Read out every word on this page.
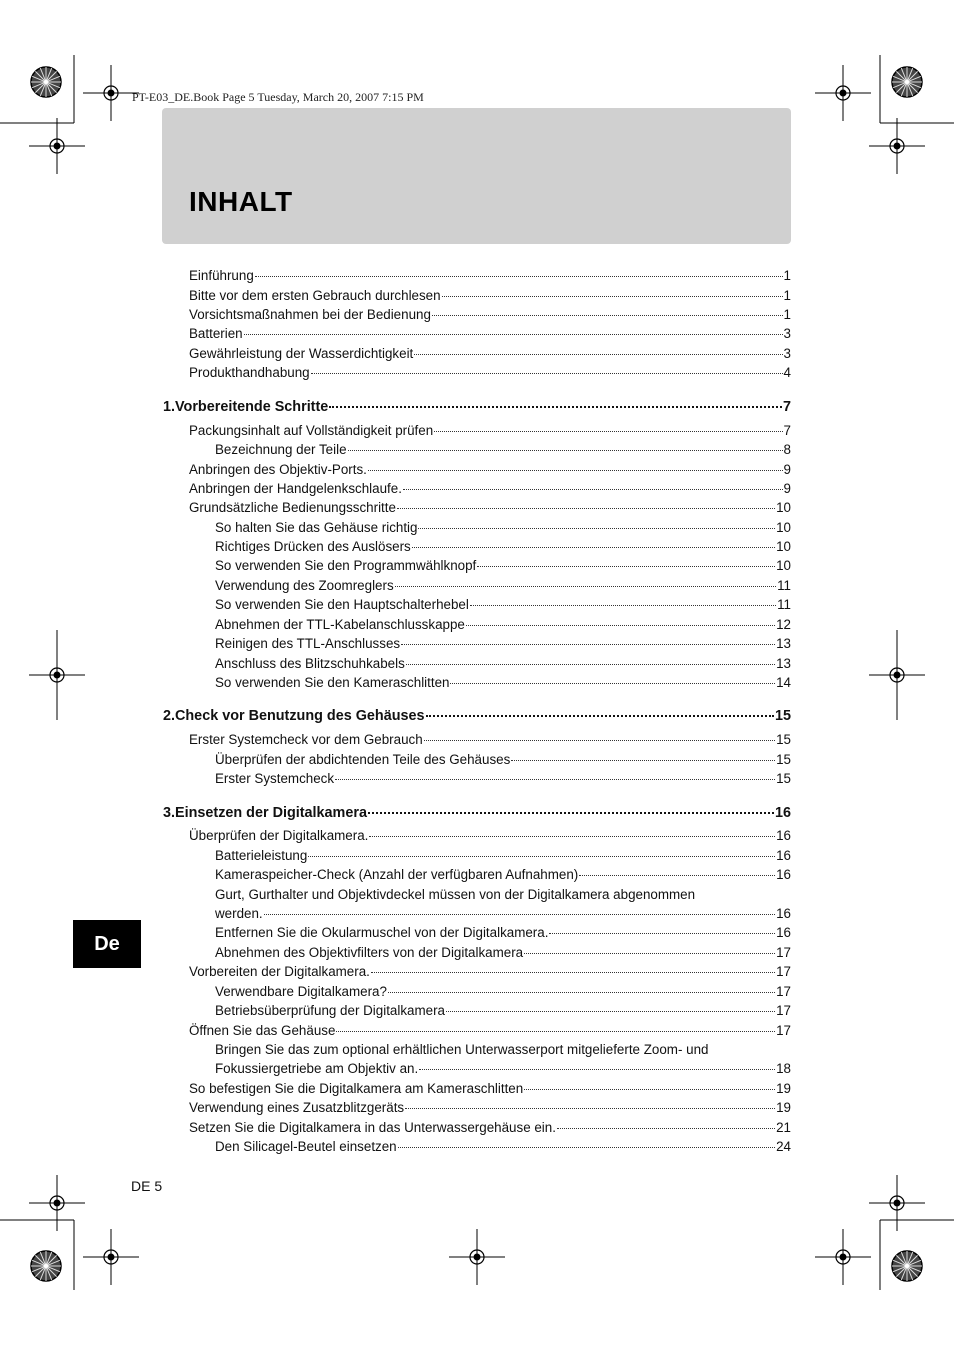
PT-E03_DE.Book Page 5 Tuesday, March 20, 2007 7:15 PM
INHALT
Einführung	1
Bitte vor dem ersten Gebrauch durchlesen	1
Vorsichtsmaßnahmen bei der Bedienung	1
Batterien	3
Gewährleistung der Wasserdichtigkeit	3
Produkthandhabung	4
1.Vorbereitende Schritte	7
Packungsinhalt auf Vollständigkeit prüfen	7
Bezeichnung der Teile	8
Anbringen des Objektiv-Ports.	9
Anbringen der Handgelenkschlaufe.	9
Grundsätzliche Bedienungsschritte	10
So halten Sie das Gehäuse richtig	10
Richtiges Drücken des Auslösers	10
So verwenden Sie den Programmwählknopf	10
Verwendung des Zoomreglers	11
So verwenden Sie den Hauptschalterhebel	11
Abnehmen der TTL-Kabelanschlusskappe	12
Reinigen des TTL-Anschlusses	13
Anschluss des Blitzschuhkabels	13
So verwenden Sie den Kameraschlitten	14
2.Check vor Benutzung des Gehäuses	15
Erster Systemcheck vor dem Gebrauch	15
Überprüfen der abdichtenden Teile des Gehäuses	15
Erster Systemcheck	15
3.Einsetzen der Digitalkamera	16
Überprüfen der Digitalkamera.	16
Batterieleistung	16
Kameraspeicher-Check (Anzahl der verfügbaren Aufnahmen)	16
Gurt, Gurthalter und Objektivdeckel müssen von der Digitalkamera abgenommen
werden.	16
Entfernen Sie die Okularmuschel von der Digitalkamera.	16
Abnehmen des Objektivfilters von der Digitalkamera	17
Vorbereiten der Digitalkamera.	17
Verwendbare Digitalkamera?	17
Betriebsüberprüfung der Digitalkamera	17
Öffnen Sie das Gehäuse	17
Bringen Sie das zum optional erhältlichen Unterwasserport mitgelieferte Zoom- und
Fokussiergetriebe am Objektiv an.	18
So befestigen Sie die Digitalkamera am Kameraschlitten	19
Verwendung eines Zusatzblitzgeräts	19
Setzen Sie die Digitalkamera in das Unterwassergehäuse ein.	21
Den Silicagel-Beutel einsetzen	24
De
DE 5
